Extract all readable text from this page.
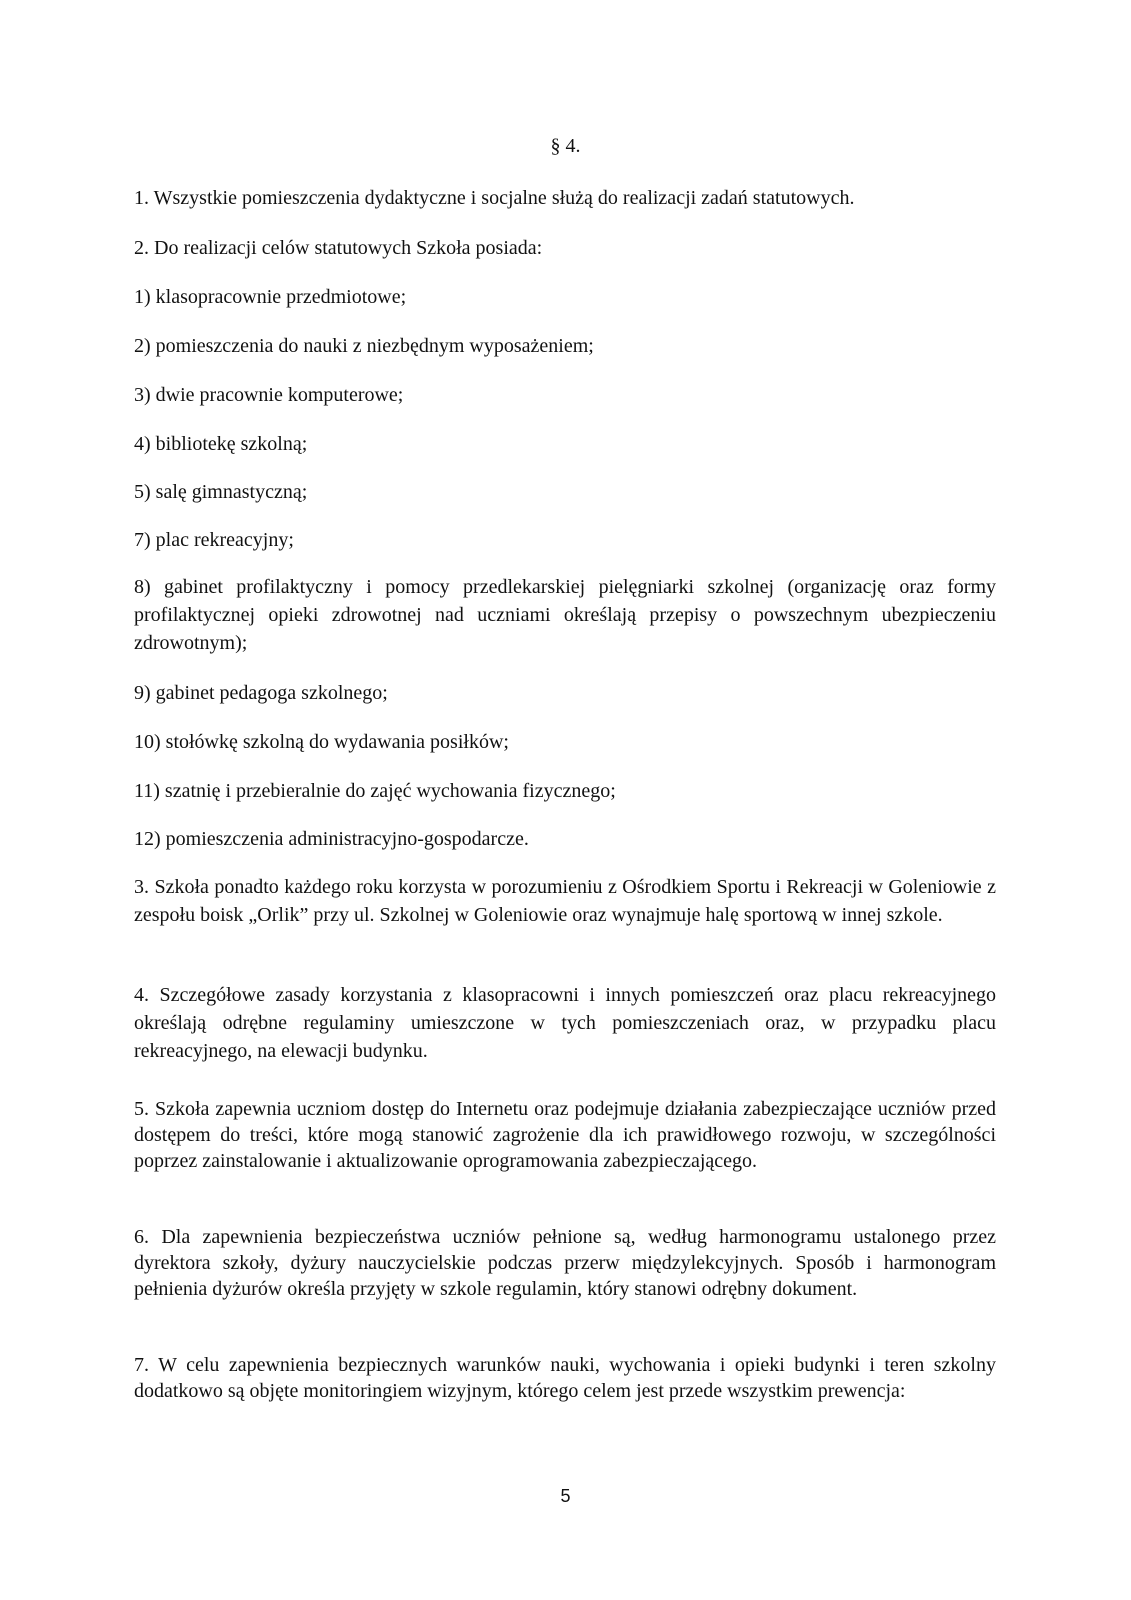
§ 4.

1. Wszystkie pomieszczenia dydaktyczne i socjalne służą do realizacji zadań statutowych.

2. Do realizacji celów statutowych Szkoła posiada:

1) klasopracownie przedmiotowe;

2) pomieszczenia do nauki z niezbędnym wyposażeniem;

3) dwie pracownie komputerowe;

4) bibliotekę szkolną;

5) salę gimnastyczną;

7) plac rekreacyjny;

8) gabinet profilaktyczny i pomocy przedlekarskiej pielęgniarki szkolnej (organizację oraz formy profilaktycznej opieki zdrowotnej nad uczniami określają przepisy o powszechnym ubezpieczeniu zdrowotnym);

9) gabinet pedagoga szkolnego;

10) stołówkę szkolną do wydawania posiłków;

11) szatnię i przebieralnie do zajęć wychowania fizycznego;

12) pomieszczenia administracyjno-gospodarcze.

3. Szkoła ponadto każdego roku korzysta w porozumieniu z Ośrodkiem Sportu i Rekreacji w Goleniowie z zespołu boisk „Orlik” przy ul. Szkolnej w Goleniowie oraz wynajmuje halę sportową w innej szkole.

4. Szczegółowe zasady korzystania z klasopracowni i innych pomieszczeń oraz placu rekreacyjnego określają odrębne regulaminy umieszczone w tych pomieszczeniach oraz, w przypadku placu rekreacyjnego, na elewacji budynku.

5. Szkoła zapewnia uczniom dostęp do Internetu oraz podejmuje działania zabezpieczające uczniów przed dostępem do treści, które mogą stanowić zagrożenie dla ich prawidłowego rozwoju, w szczególności poprzez zainstalowanie i aktualizowanie oprogramowania zabezpieczającego.

6. Dla zapewnienia bezpieczeństwa uczniów pełnione są, według harmonogramu ustalonego przez dyrektora szkoły, dyżury nauczycielskie podczas przerw międzylekcyjnych. Sposób i harmonogram pełnienia dyżurów określa przyjęty w szkole regulamin, który stanowi odrębny dokument.

7. W celu zapewnienia bezpiecznych warunków nauki, wychowania i opieki budynki i teren szkolny dodatkowo są objęte monitoringiem wizyjnym, którego celem jest przede wszystkim prewencja:

5
